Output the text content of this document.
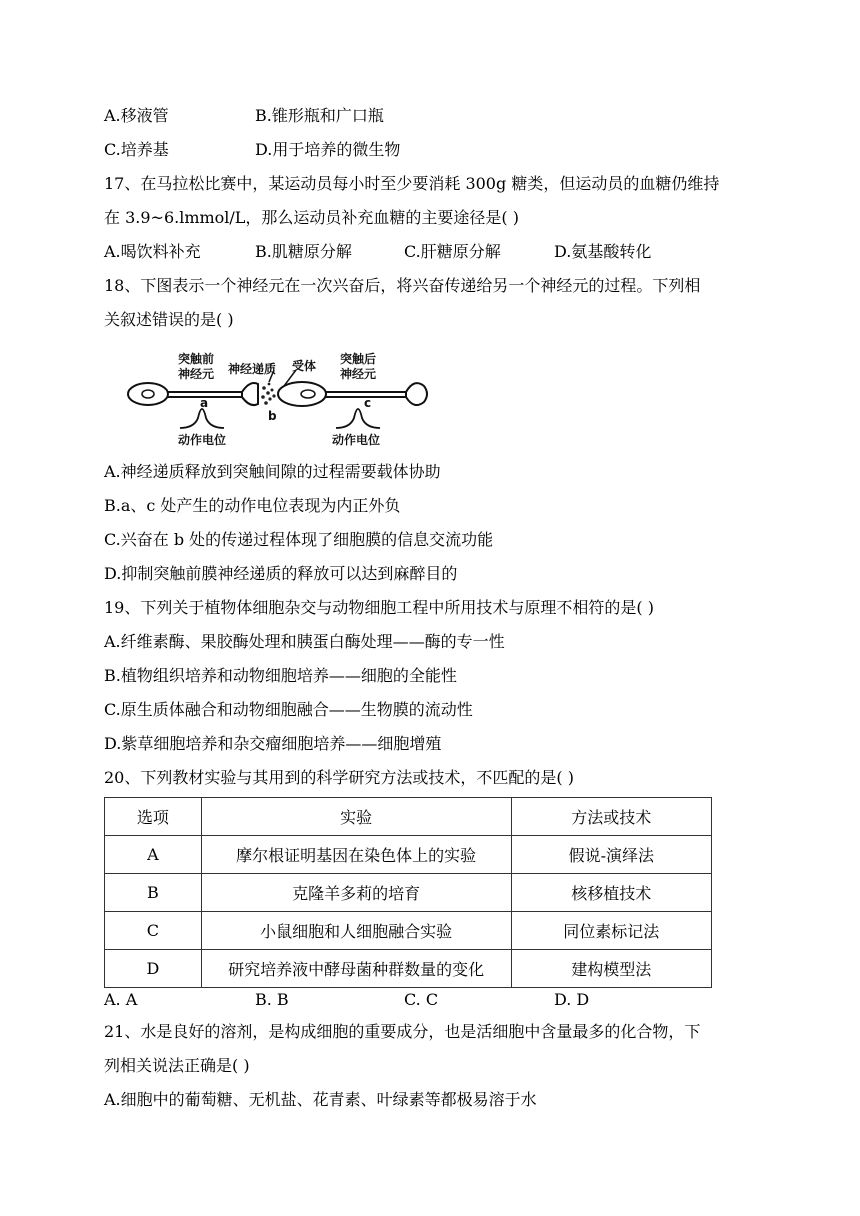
A.移液管	B.锥形瓶和广口瓶
C.培养基	D.用于培养的微生物
17、在马拉松比赛中，某运动员每小时至少要消耗 300g 糖类，但运动员的血糖仍维持
在 3.9~6.lmmol/L，那么运动员补充血糖的主要途径是( )
A.喝饮料补充	B.肌糖原分解	C.肝糖原分解	D.氨基酸转化
18、下图表示一个神经元在一次兴奋后，将兴奋传递给另一个神经元的过程。下列相
关叙述错误的是( )
突触前
神经元 神经递质 受体 突触后
神经元
a
b
c
动作电位	动作电位
A.神经递质释放到突触间隙的过程需要载体协助
B.a、c 处产生的动作电位表现为内正外负
C.兴奋在 b 处的传递过程体现了细胞膜的信息交流功能
D.抑制突触前膜神经递质的释放可以达到麻醉目的
19、下列关于植物体细胞杂交与动物细胞工程中所用技术与原理不相符的是( )
A.纤维素酶、果胶酶处理和胰蛋白酶处理——酶的专一性
B.植物组织培养和动物细胞培养——细胞的全能性
C.原生质体融合和动物细胞融合——生物膜的流动性
D.紫草细胞培养和杂交瘤细胞培养——细胞增殖
20、下列教材实验与其用到的科学研究方法或技术，不匹配的是( )
选项	实验	方法或技术
A	摩尔根证明基因在染色体上的实验	假说-演绎法
B	克隆羊多莉的培育	核移植技术
C	小鼠细胞和人细胞融合实验	同位素标记法
D	研究培养液中酵母菌种群数量的变化	建构模型法
A. A	B. B	C. C	D. D
21、水是良好的溶剂，是构成细胞的重要成分，也是活细胞中含量最多的化合物，下
列相关说法正确是( )
A.细胞中的葡萄糖、无机盐、花青素、叶绿素等都极易溶于水
